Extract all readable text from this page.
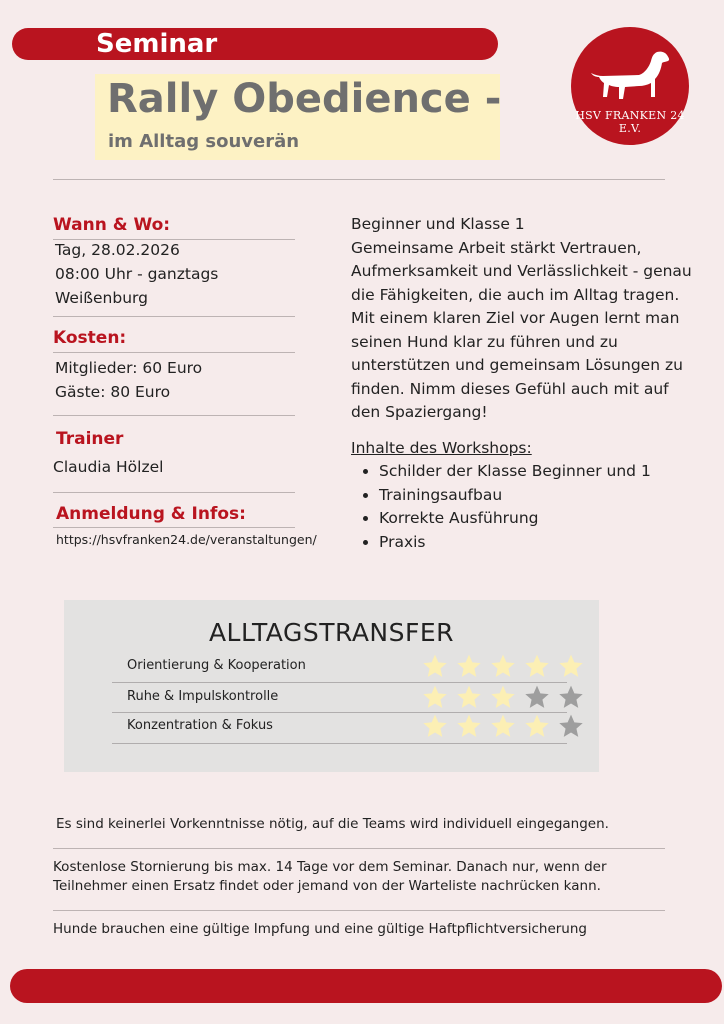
Seminar
Rally Obedience -
im Alltag souverän
HSV FRANKEN 24 E.V.
Wann & Wo:
Tag, 28.02.2026
08:00 Uhr - ganztags
Weißenburg
Kosten:
Mitglieder: 60 Euro
Gäste: 80 Euro
Trainer
Claudia Hölzel
Anmeldung & Infos:
https://hsvfranken24.de/veranstaltungen/

Beginner und Klasse 1

Gemeinsame Arbeit stärkt Vertrauen, Aufmerksamkeit und Verlässlichkeit - genau die Fähigkeiten, die auch im Alltag tragen. Mit einem klaren Ziel vor Augen lernt man seinen Hund klar zu führen und zu unterstützen und gemeinsam Lösungen zu finden. Nimm dieses Gefühl auch mit auf den Spaziergang!

Inhalte des Workshops:

• Schilder der Klasse Beginner und 1
• Trainingsaufbau
• Korrekte Ausführung
• Praxis
ALLTAGSTRANSFER
Orientierung & Kooperation
Ruhe & Impulskontrolle
Konzentration & Fokus
Es sind keinerlei Vorkenntnisse nötig, auf die Teams wird individuell eingegangen.
Kostenlose Stornierung bis max. 14 Tage vor dem Seminar. Danach nur, wenn der Teilnehmer einen Ersatz findet oder jemand von der Warteliste nachrücken kann.
Hunde brauchen eine gültige Impfung und eine gültige Haftpflichtversicherung
